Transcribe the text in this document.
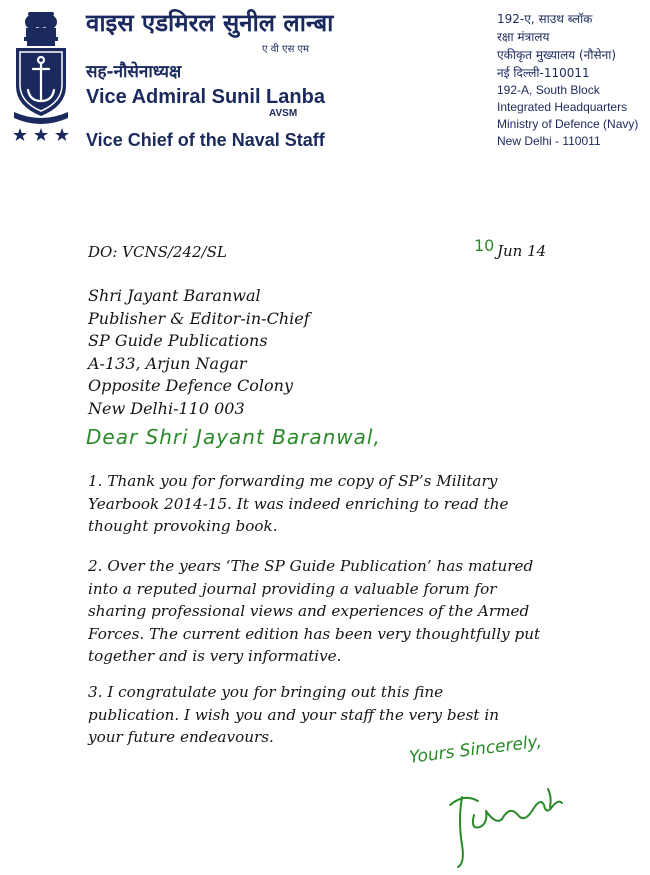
वाइस एडमिरल सुनील लान्बा
ए वी एस एम
सह-नौसेनाध्यक्ष
Vice Admiral Sunil Lanba
AVSM
Vice Chief of the Naval Staff
192-ए, साउथ ब्लॉक
रक्षा मंत्रालय
एकीकृत मुख्यालय (नौसेना)
नई दिल्ली-110011
192-A, South Block
Integrated Headquarters
Ministry of Defence (Navy)
New Delhi - 110011
DO: VCNS/242/SL	10 Jun 14
Shri Jayant Baranwal
Publisher & Editor-in-Chief
SP Guide Publications
A-133, Arjun Nagar
Opposite Defence Colony
New Delhi-110 003
Dear Shri Jayant Baranwal,
1. Thank you for forwarding me copy of SP’s Military
Yearbook 2014-15. It was indeed enriching to read the
thought provoking book.
2. Over the years ‘The SP Guide Publication’ has matured
into a reputed journal providing a valuable forum for
sharing professional views and experiences of the Armed
Forces. The current edition has been very thoughtfully put
together and is very informative.
3. I congratulate you for bringing out this fine
publication. I wish you and your staff the very best in
your future endeavours.	Yours Sincerely,
